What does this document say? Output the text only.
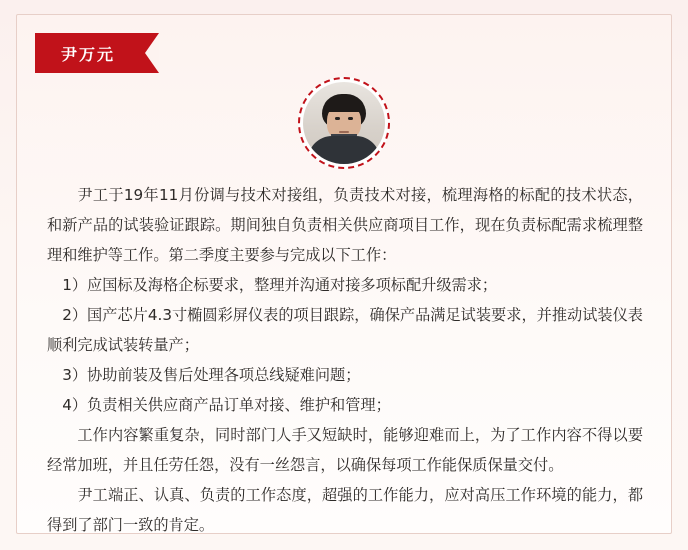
尹万元

尹工于19年11月份调与技术对接组，负责技术对接，梳理海格的标配的技术状态，和新产品的试装验证跟踪。期间独自负责相关供应商项目工作，现在负责标配需求梳理整理和维护等工作。第二季度主要参与完成以下工作：

1）应国标及海格企标要求，整理并沟通对接多项标配升级需求；

2）国产芯片4.3寸椭圆彩屏仪表的项目跟踪，确保产品满足试装要求，并推动试装仪表顺利完成试装转量产；

3）协助前装及售后处理各项总线疑难问题；

4）负责相关供应商产品订单对接、维护和管理；

工作内容繁重复杂，同时部门人手又短缺时，能够迎难而上，为了工作内容不得以要经常加班，并且任劳任怨，没有一丝怨言，以确保每项工作能保质保量交付。

尹工端正、认真、负责的工作态度，超强的工作能力，应对高压工作环境的能力，都得到了部门一致的肯定。
